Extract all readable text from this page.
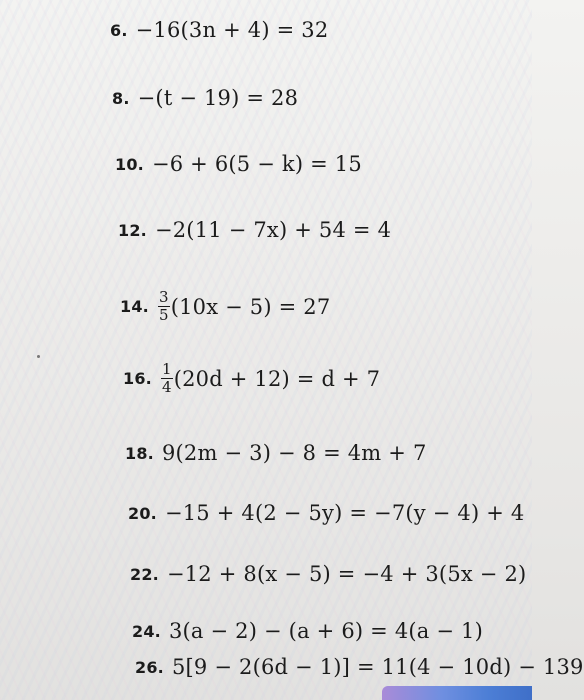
6. −16(3n + 4) = 32
8. −(t − 19) = 28
10. −6 + 6(5 − k) = 15
12. −2(11 − 7x) + 54 = 4
14. $\frac{3}{5} (10x - 5) = 27$
16. $\frac{1}{4} (20d + 12) = d + 7$
18. 9(2m − 3) − 8 = 4m + 7
20. −15 + 4(2 − 5y) = −7(y − 4) + 4
22. −12 + 8(x − 5) = −4 + 3(5x − 2)
24. 3(a − 2) − (a + 6) = 4(a − 1)
26. 5[9 − 2(6d − 1)] = 11(4 − 10d) − 139
